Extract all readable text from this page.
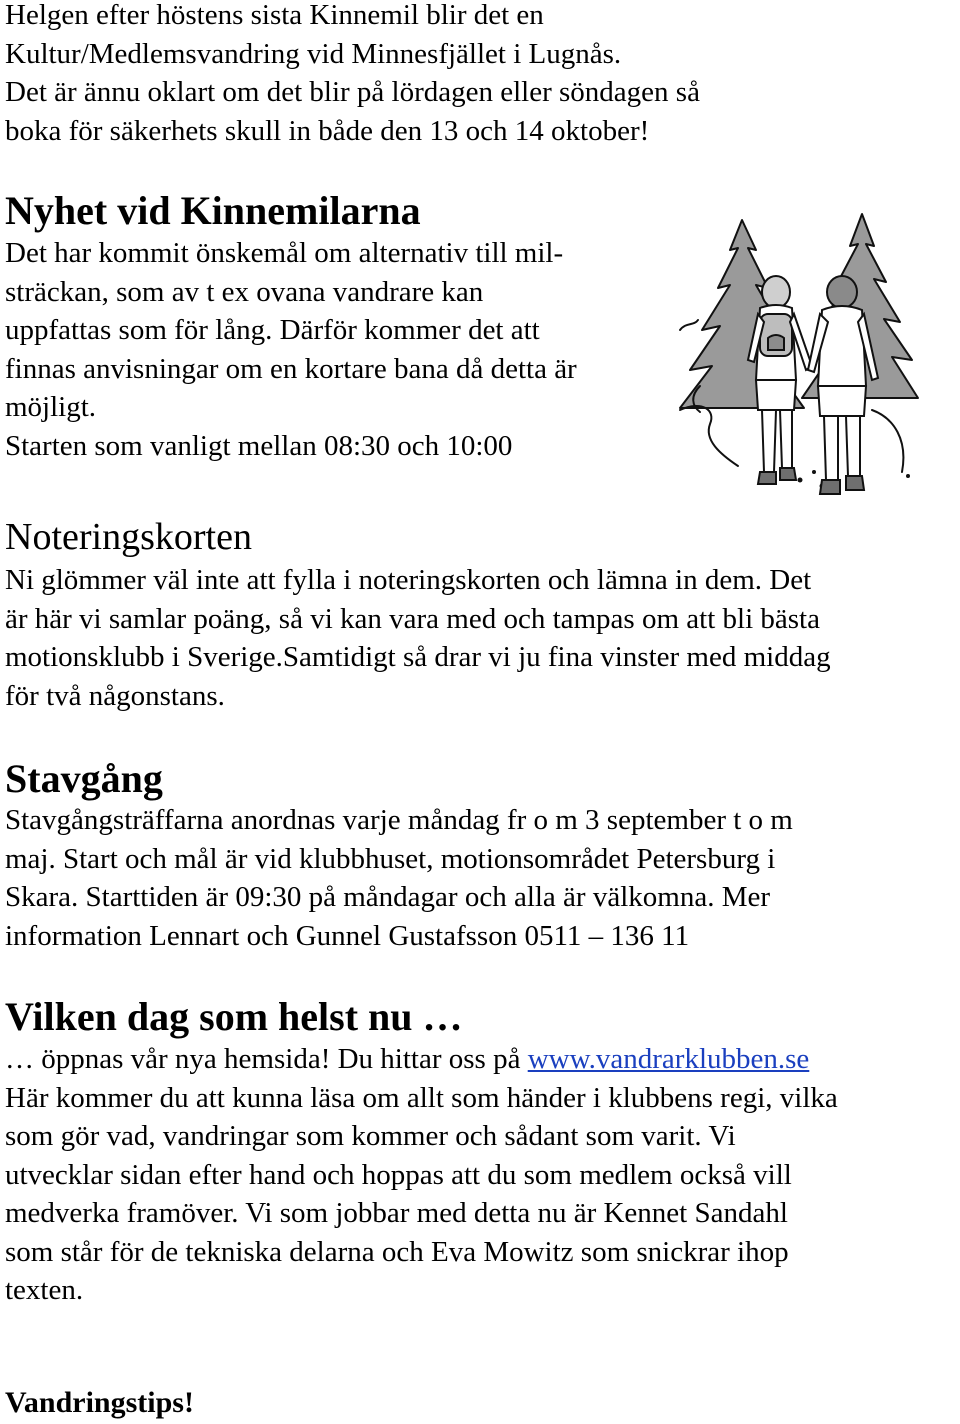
Helgen efter höstens sista Kinnemil blir det en
Kultur/Medlemsvandring vid Minnesfjället i Lugnås.
Det är ännu oklart om det blir på lördagen eller söndagen så
boka för säkerhets skull in både den 13 och 14 oktober!
Nyhet vid Kinnemilarna
Det har kommit önskemål om alternativ till mil-
sträckan, som av t ex ovana vandrare kan
uppfattas som för lång. Därför kommer det att
finnas anvisningar om en kortare bana då detta är
möjligt.
Starten som vanligt mellan 08:30 och 10:00
Noteringskorten
Ni glömmer väl inte att fylla i noteringskorten och lämna in dem. Det
är här vi samlar poäng, så vi kan vara med och tampas om att bli bästa
motionsklubb i Sverige.Samtidigt så drar vi ju fina vinster med middag
för två någonstans.
Stavgång
Stavgångsträffarna anordnas varje måndag fr o m 3 september t o m
maj. Start och mål är vid klubbhuset, motionsområdet Petersburg i
Skara. Starttiden är 09:30 på måndagar och alla är välkomna. Mer
information Lennart och Gunnel Gustafsson 0511 – 136 11
Vilken dag som helst nu …
… öppnas vår nya hemsida! Du hittar oss på www.vandrarklubben.se
Här kommer du att kunna läsa om allt som händer i klubbens regi, vilka
som gör vad, vandringar som kommer och sådant som varit. Vi
utvecklar sidan efter hand och hoppas att du som medlem också vill
medverka framöver. Vi som jobbar med detta nu är Kennet Sandahl
som står för de tekniska delarna och Eva Mowitz som snickrar ihop
texten.
Vandringstips!
